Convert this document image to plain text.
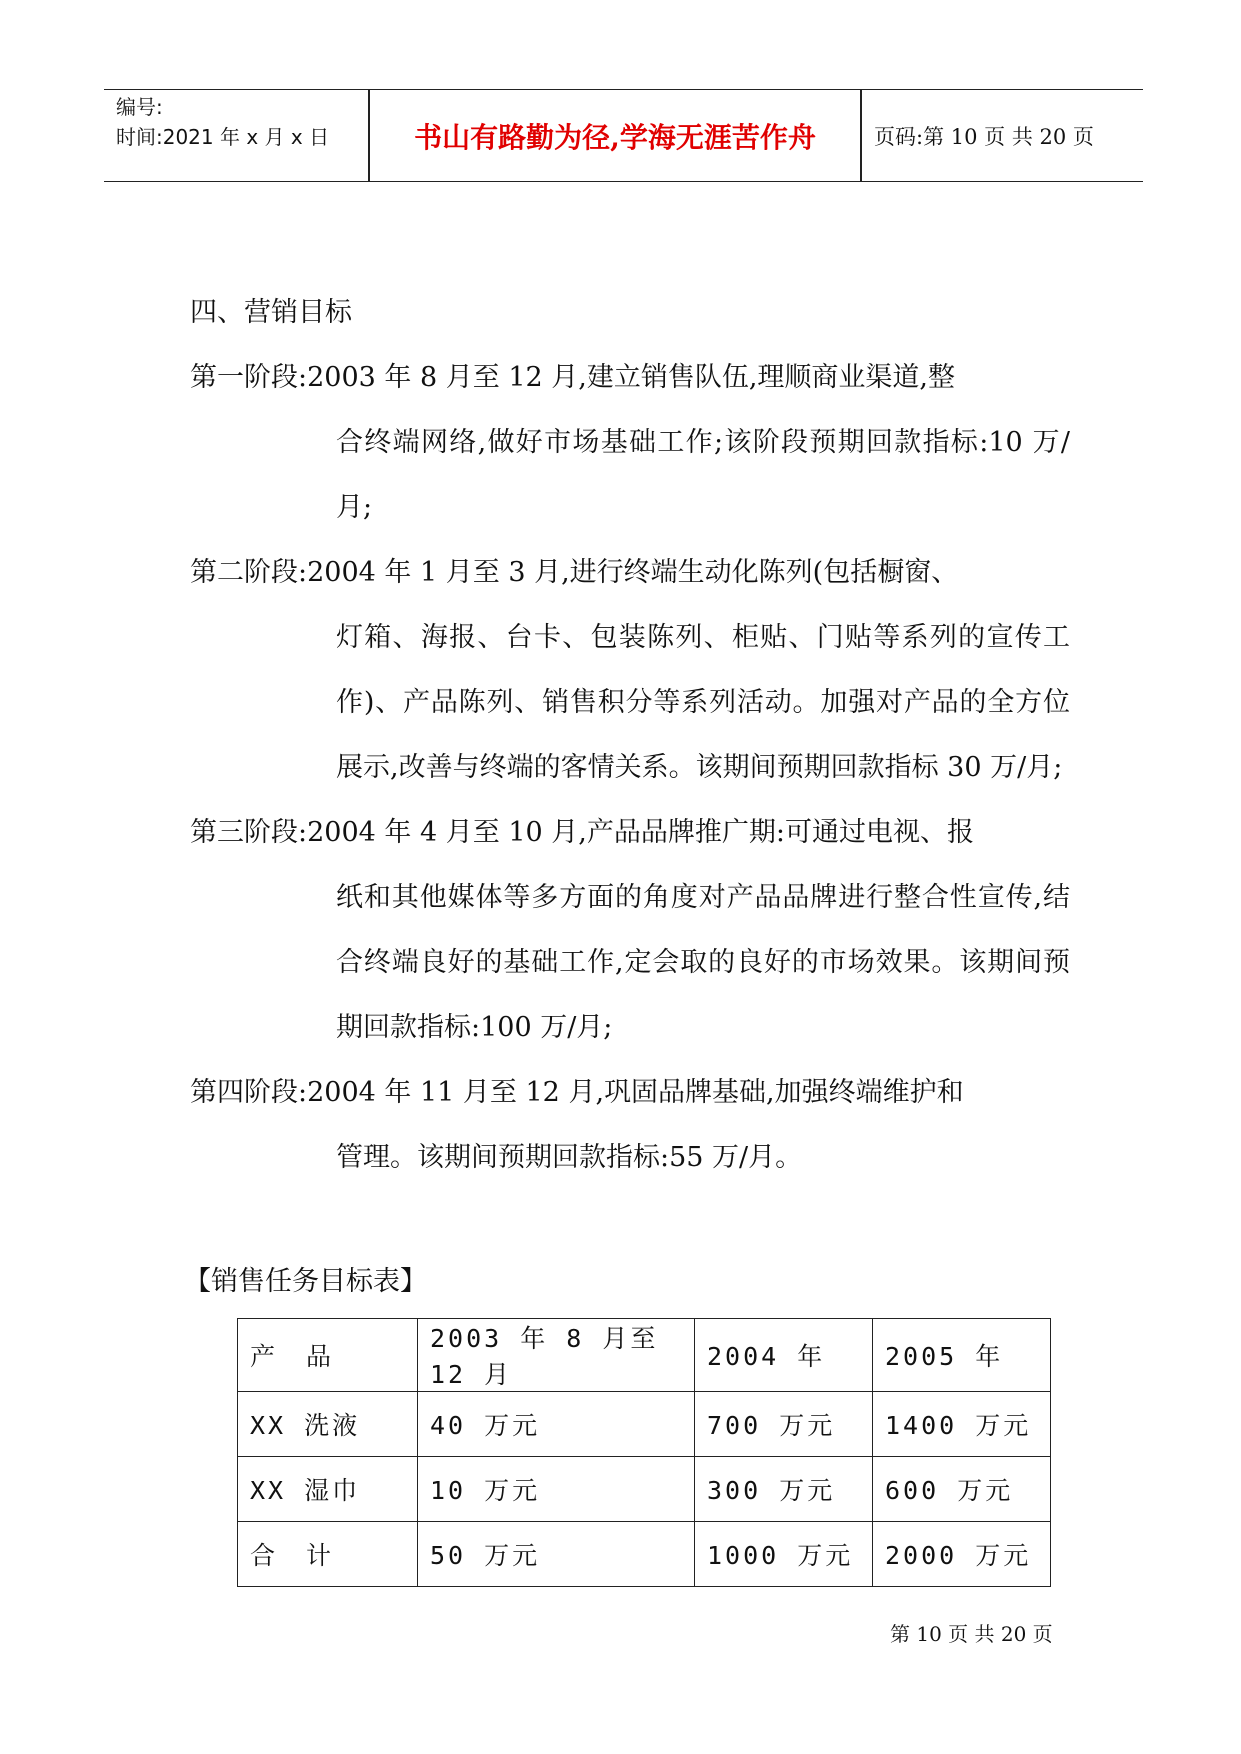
编号:
时间:2021 年 x 月 x 日	书山有路勤为径,学海无涯苦作舟	页码:第 10 页 共 20 页

四、营销目标

第一阶段: 2003 年 8 月至 12 月,建立销售队伍,理顺商业渠道,整
合终端网络,做好市场基础工作;该阶段预期回款指标:10 万/月;
第二阶段: 2004 年 1 月至 3 月,进行终端生动化陈列(包括橱窗、
灯箱、海报、台卡、包装陈列、柜贴、门贴等系列的宣传工作)、产品陈列、销售积分等系列活动。加强对产品的全方位展示,改善与终端的客情关系。该期间预期回款指标 30 万/月;
第三阶段: 2004 年 4 月至 10 月,产品品牌推广期:可通过电视、报
纸和其他媒体等多方面的角度对产品品牌进行整合性宣传,结合终端良好的基础工作,定会取的良好的市场效果。该期间预期回款指标:100 万/月;
第四阶段: 2004 年 11 月至 12 月,巩固品牌基础,加强终端维护和
管理。该期间预期回款指标:55 万/月。
【销售任务目标表】
产　品	2003 年 8 月至 12 月	2004 年	2005 年
XX 洗液	40 万元	700 万元	1400 万元
XX 湿巾	10 万元	300 万元	600 万元
合　计	50 万元	1000 万元	2000 万元
第 10 页 共 20 页
